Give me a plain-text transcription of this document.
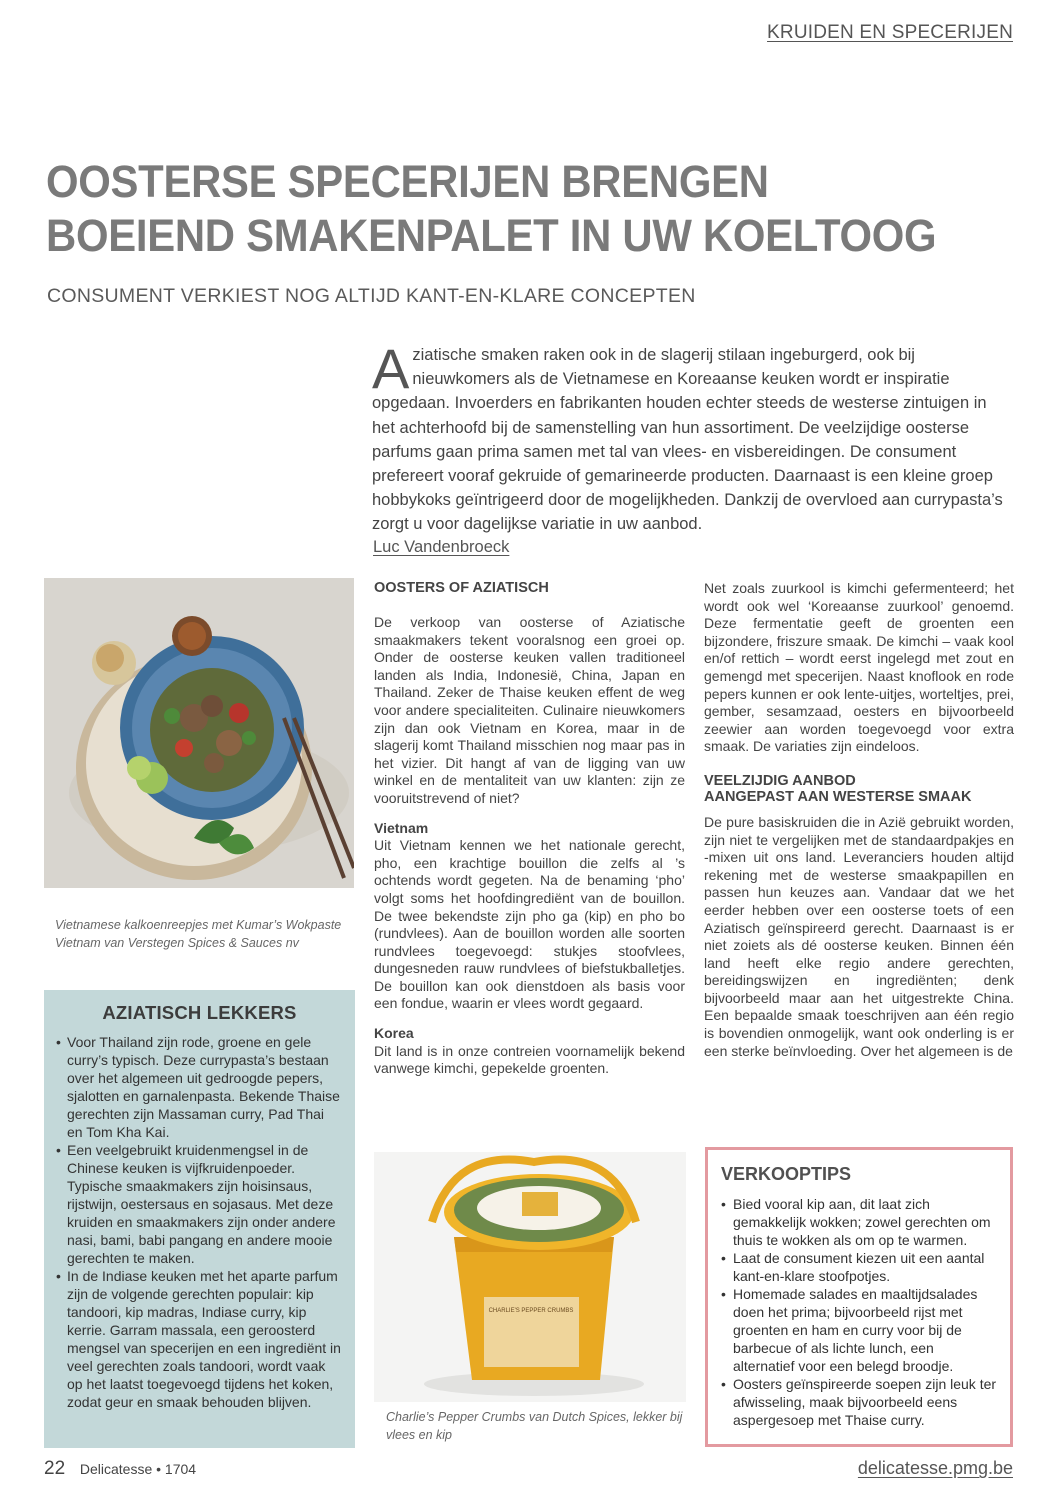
KRUIDEN EN SPECERIJEN
OOSTERSE SPECERIJEN BRENGEN
BOEIEND SMAKENPALET IN UW KOELTOOG
CONSUMENT VERKIEST NOG ALTIJD KANT-EN-KLARE CONCEPTEN
Aziatische smaken raken ook in de slagerij stilaan ingeburgerd, ook bij nieuwkomers als de Vietnamese en Koreaanse keuken wordt er inspiratie opgedaan. Invoerders en fabrikanten houden echter steeds de westerse zintuigen in het achterhoofd bij de samenstelling van hun assortiment. De veelzijdige oosterse parfums gaan prima samen met tal van vlees- en visbereidingen. De consument prefereert vooraf gekruide of gemarineerde producten. Daarnaast is een kleine groep hobbykoks geïntrigeerd door de mogelijkheden. Dankzij de overvloed aan currypasta’s zorgt u voor dagelijkse variatie in uw aanbod.
Luc Vandenbroeck
Vietnamese kalkoenreepjes met Kumar’s Wokpaste Vietnam van Verstegen Spices & Sauces nv
AZIATISCH LEKKERS
• Voor Thailand zijn rode, groene en gele curry’s typisch. Deze currypasta’s bestaan over het algemeen uit gedroogde pepers, sjalotten en garnalenpasta. Bekende Thaise gerechten zijn Massaman curry, Pad Thai en Tom Kha Kai.
• Een veelgebruikt kruidenmengsel in de Chinese keuken is vijfkruidenpoeder. Typische smaakmakers zijn hoisinsaus, rijstwijn, oestersaus en sojasaus. Met deze kruiden en smaakmakers zijn onder andere nasi, bami, babi pangang en andere mooie gerechten te maken.
• In de Indiase keuken met het aparte parfum zijn de volgende gerechten populair: kip tandoori, kip madras, Indiase curry, kip kerrie. Garram massala, een geroosterd mengsel van specerijen en een ingrediënt in veel gerechten zoals tandoori, wordt vaak op het laatst toegevoegd tijdens het koken, zodat geur en smaak behouden blijven.
OOSTERS OF AZIATISCH

De verkoop van oosterse of Aziatische smaakmakers tekent vooralsnog een groei op. Onder de oosterse keuken vallen traditioneel landen als India, Indonesië, China, Japan en Thailand. Zeker de Thaise keuken effent de weg voor andere specialiteiten. Culinaire nieuwkomers zijn dan ook Vietnam en Korea, maar in de slagerij komt Thailand misschien nog maar pas in het vizier. Dit hangt af van de ligging van uw winkel en de mentaliteit van uw klanten: zijn ze vooruitstrevend of niet?

Vietnam

Uit Vietnam kennen we het nationale gerecht, pho, een krachtige bouillon die zelfs al ’s ochtends wordt gegeten. Na de benaming ‘pho’ volgt soms het hoofdingrediënt van de bouillon. De twee bekendste zijn pho ga (kip) en pho bo (rundvlees). Aan de bouillon worden alle soorten rundvlees toegevoegd: stukjes stoofvlees, dungesneden rauw rundvlees of biefstukballetjes. De bouillon kan ook dienstdoen als basis voor een fondue, waarin er vlees wordt gegaard.

Korea

Dit land is in onze contreien voornamelijk bekend vanwege kimchi, gepekelde groenten.

Net zoals zuurkool is kimchi gefermenteerd; het wordt ook wel ‘Koreaanse zuurkool’ genoemd. Deze fermentatie geeft de groenten een bijzondere, friszure smaak. De kimchi – vaak kool en/of rettich – wordt eerst ingelegd met zout en gemengd met specerijen. Naast knoflook en rode pepers kunnen er ook lente-uitjes, worteltjes, prei, gember, sesamzaad, oesters en bijvoorbeeld zeewier aan worden toegevoegd voor extra smaak. De variaties zijn eindeloos.

VEELZIJDIG AANBOD
AANGEPAST AAN WESTERSE SMAAK

De pure basiskruiden die in Azië gebruikt worden, zijn niet te vergelijken met de standaardpakjes en -mixen uit ons land. Leveranciers houden altijd rekening met de westerse smaakpapillen en passen hun keuzes aan. Vandaar dat we het eerder hebben over een oosterse toets of een Aziatisch geïnspireerd gerecht. Daarnaast is er niet zoiets als dé oosterse keuken. Binnen één land heeft elke regio andere gerechten, bereidingswijzen en ingrediënten; denk bijvoorbeeld maar aan het uitgestrekte China. Een bepaalde smaak toeschrijven aan één regio is bovendien onmogelijk, want ook onderling is er een sterke beïnvloeding. Over het algemeen is de

CHARLIE'S PEPPER CRUMBS
Charlie’s Pepper Crumbs van Dutch Spices, lekker bij vlees en kip
VERKOOPTIPS
• Bied vooral kip aan, dit laat zich gemakkelijk wokken; zowel gerechten om thuis te wokken als om op te warmen.
• Laat de consument kiezen uit een aantal kant-en-klare stoofpotjes.
• Homemade salades en maaltijdsalades doen het prima; bijvoorbeeld rijst met groenten en ham en curry voor bij de barbecue of als lichte lunch, een alternatief voor een belegd broodje.
• Oosters geïnspireerde soepen zijn leuk ter afwisseling, maak bijvoorbeeld eens aspergesoep met Thaise curry.
22 Delicatesse • 1704	delicatesse.pmg.be
